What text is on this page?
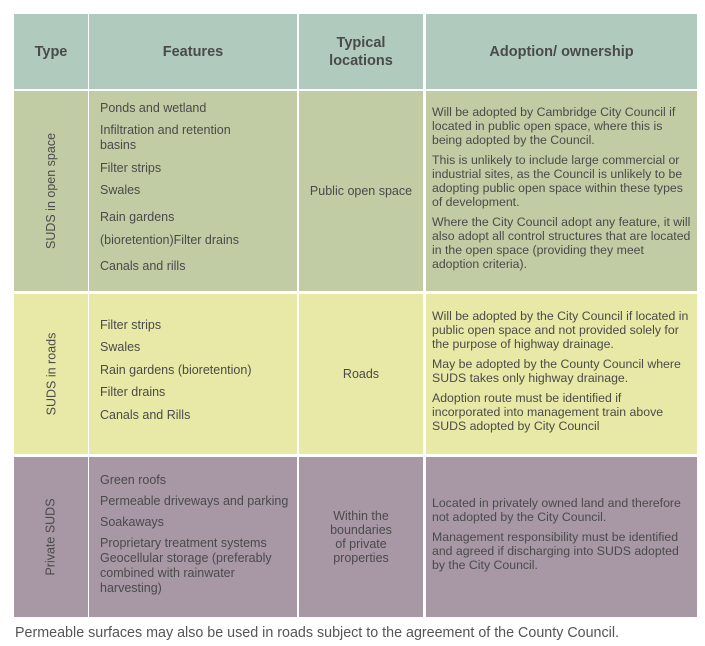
Type	Features
Typical locations
Adoption/ ownership
SUDS in open space
Ponds and wetland
Infiltration and retention basins
Filter strips
Swales
Rain gardens (bioretention)Filter drains
Canals and rills
Public open space

Will be adopted by Cambridge City Council if located in public open space, where this is being adopted by the Council.

This is unlikely to include large commercial or industrial sites, as the Council is unlikely to be adopting public open space within these types of development.

Where the City Council adopt any feature, it will also adopt all control structures that are located in the open space (providing they meet adoption criteria).

SUDS in roads
Filter strips
Swales
Rain gardens (bioretention)
Filter drains
Canals and Rills
Roads

Will be adopted by the City Council if located in public open space and not provided solely for the purpose of highway drainage.

May be adopted by the County Council where SUDS takes only highway drainage.

Adoption route must be identified if incorporated into management train above SUDS adopted by City Council

Private SUDS
Green roofs
Permeable driveways and parking
Soakaways
Proprietary treatment systems Geocellular storage (preferably combined with rainwater harvesting)
Within the boundaries of private properties

Located in privately owned land and therefore not adopted by the City Council.

Management responsibility must be identified and agreed if discharging into SUDS adopted by the City Council.

Permeable surfaces may also be used in roads subject to the agreement of the County Council.
